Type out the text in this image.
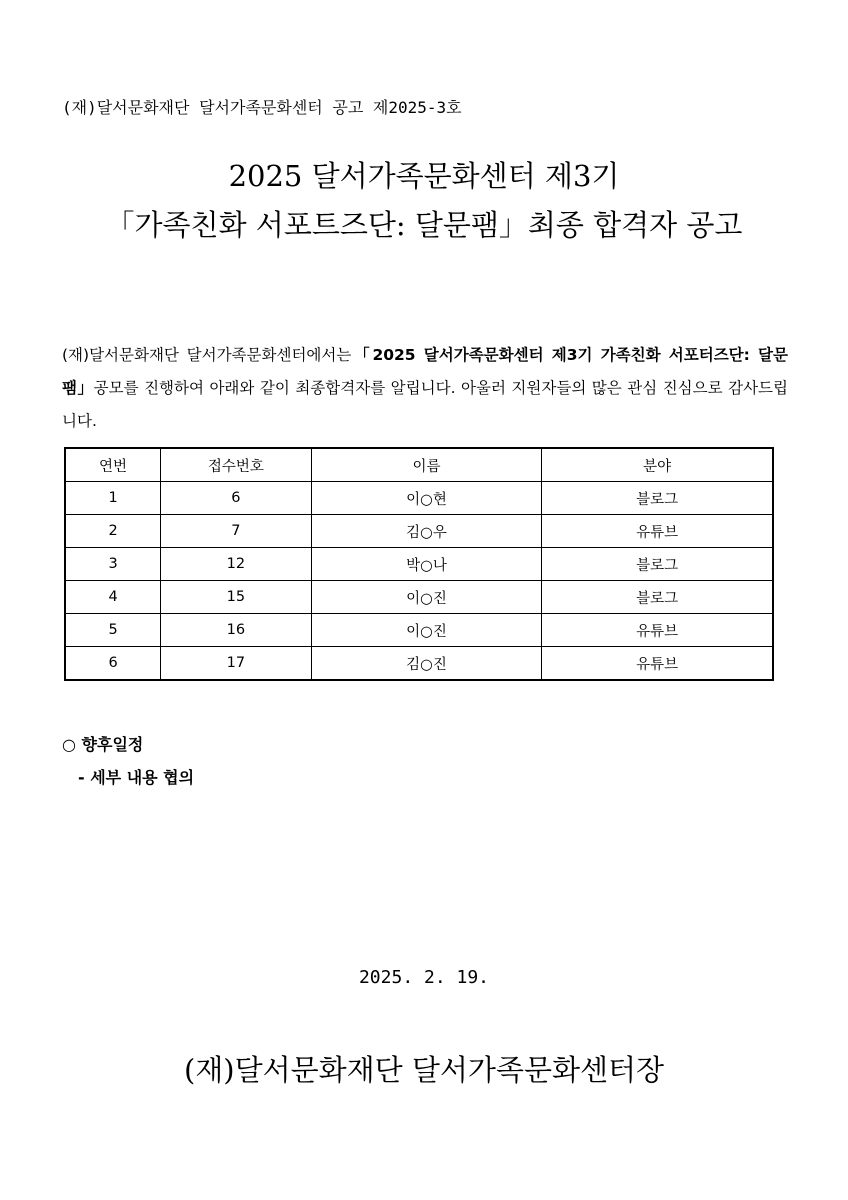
(재)달서문화재단 달서가족문화센터 공고 제2025-3호
2025 달서가족문화센터 제3기
「가족친화 서포트즈단: 달문팸」최종 합격자 공고
(재)달서문화재단 달서가족문화센터에서는「2025 달서가족문화센터 제3기 가족친화 서포터즈단: 달문팸」공모를 진행하여 아래와 같이 최종합격자를 알립니다. 아울러 지원자들의 많은 관심 진심으로 감사드립니다.
연번	접수번호	이름	분야
1	6	이○현	블로그
2	7	김○우	유튜브
3	12	박○나	블로그
4	15	이○진	블로그
5	16	이○진	유튜브
6	17	김○진	유튜브
○ 향후일정
- 세부 내용 협의
2025. 2. 19.
(재)달서문화재단 달서가족문화센터장
